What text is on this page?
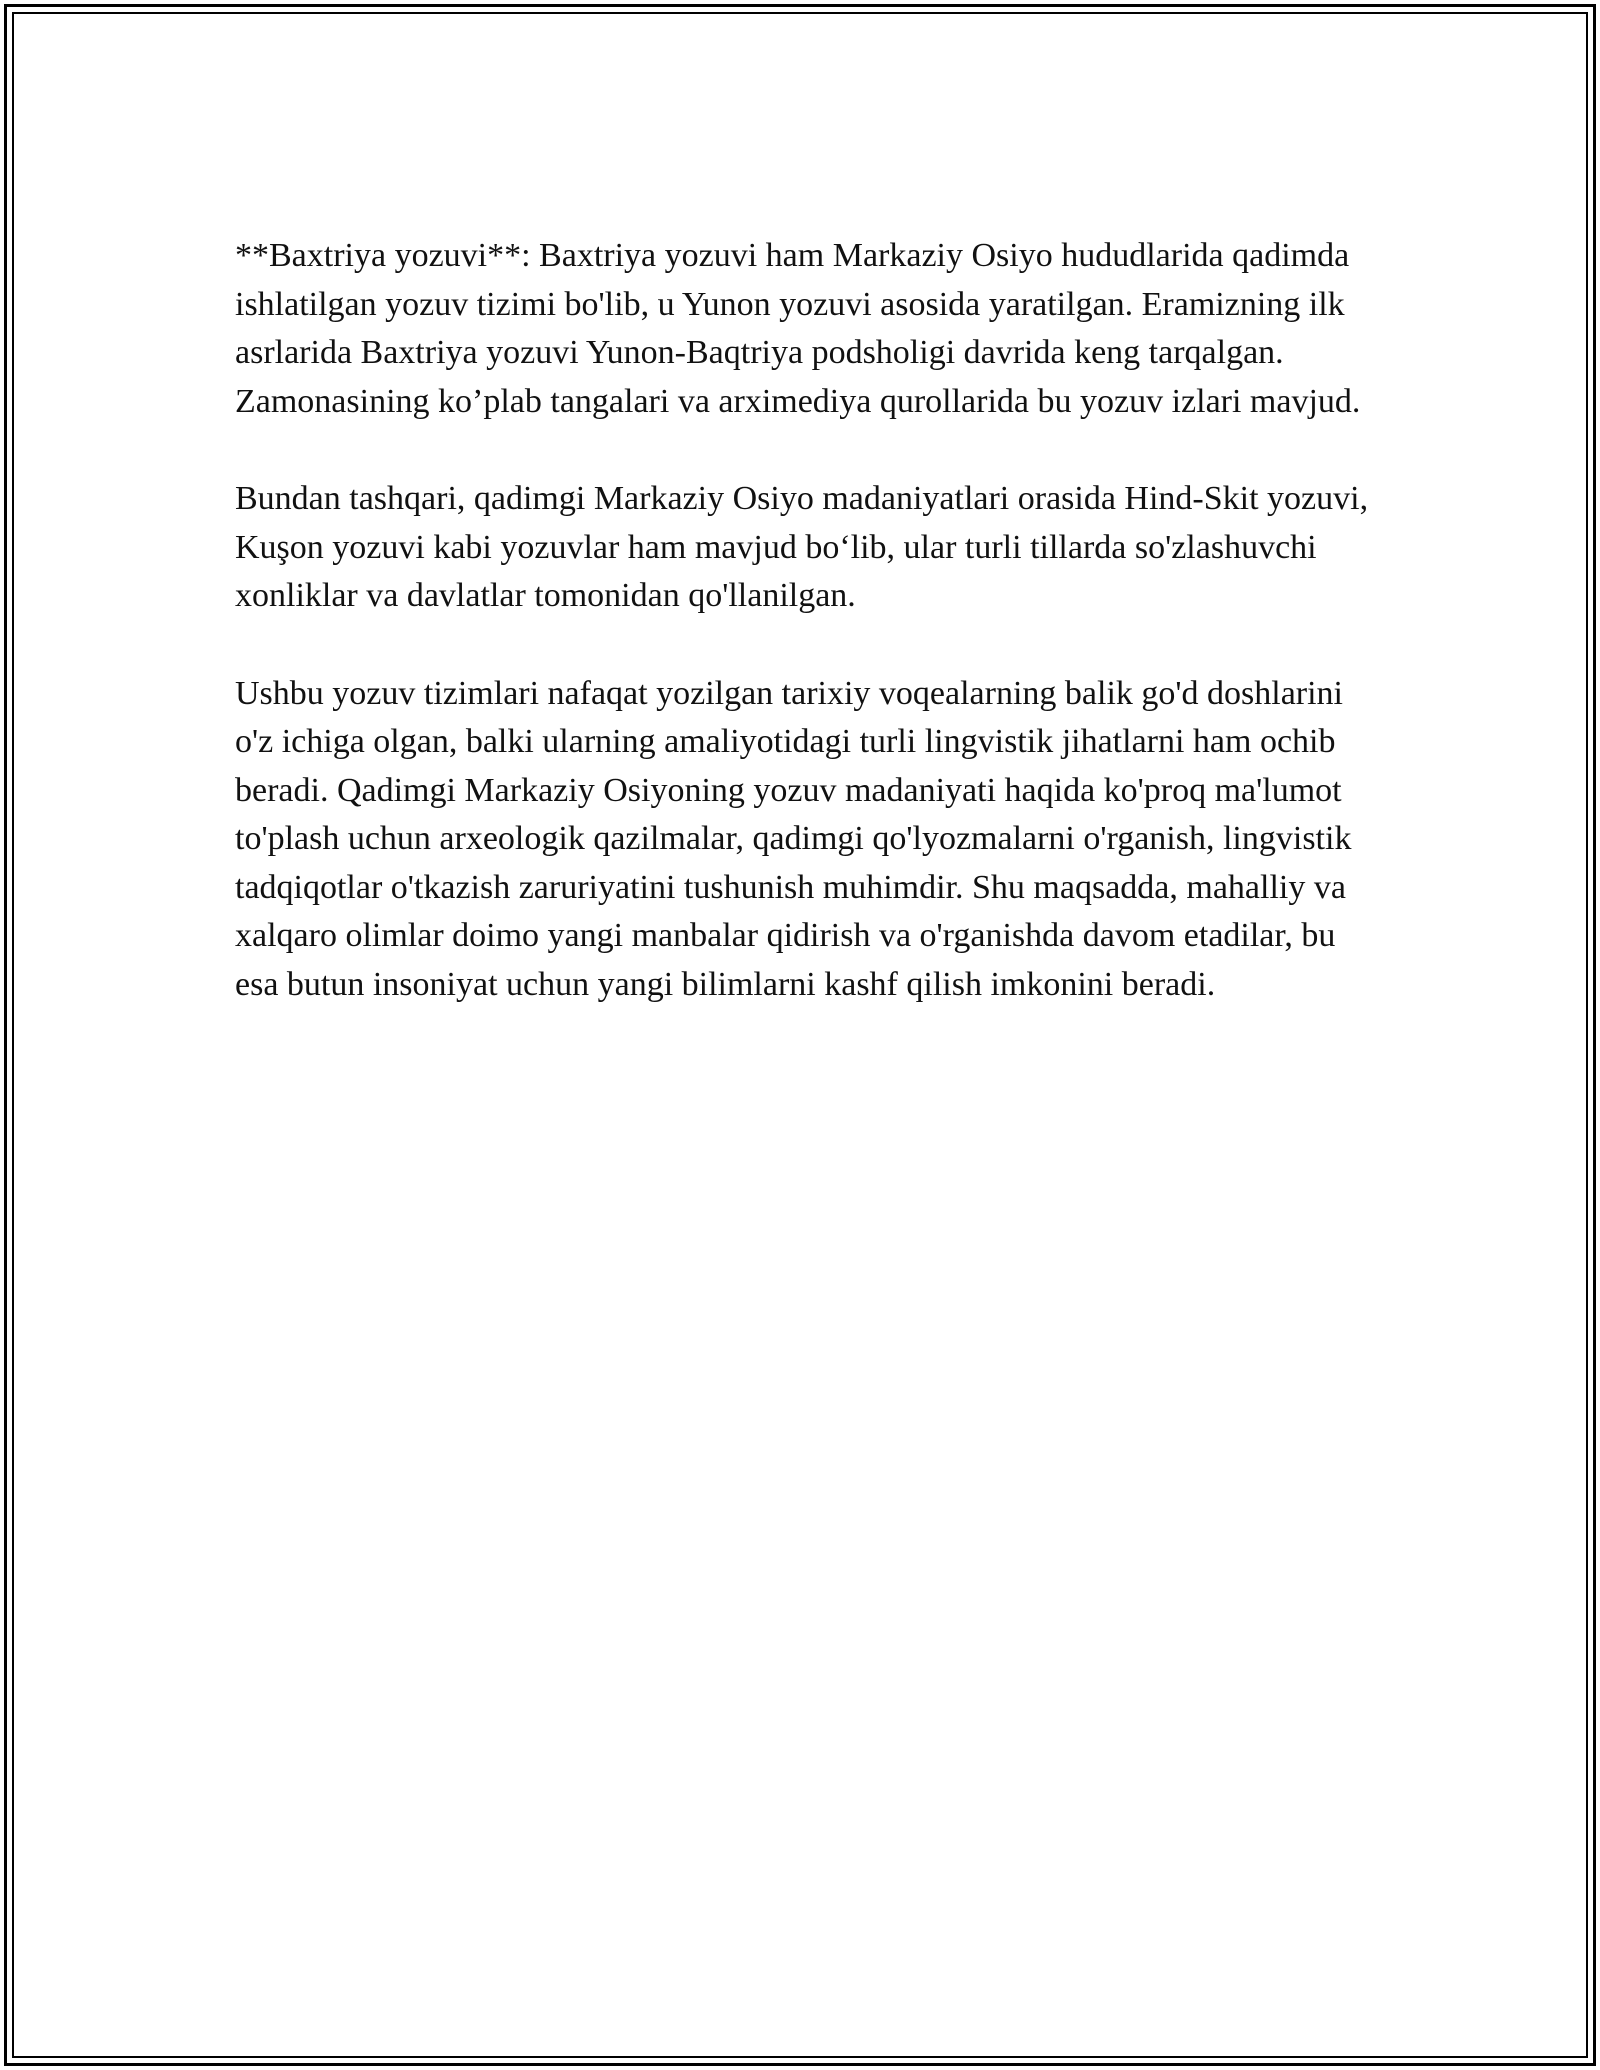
**Baxtriya yozuvi**: Baxtriya yozuvi ham Markaziy Osiyo hududlarida qadimda ishlatilgan yozuv tizimi bo'lib, u Yunon yozuvi asosida yaratilgan. Eramizning ilk asrlarida Baxtriya yozuvi Yunon-Baqtriya podsholigi davrida keng tarqalgan. Zamonasining ko’plab tangalari va arximediya qurollarida bu yozuv izlari mavjud.

Bundan tashqari, qadimgi Markaziy Osiyo madaniyatlari orasida Hind-Skit yozuvi, Kuşon yozuvi kabi yozuvlar ham mavjud bo‘lib, ular turli tillarda so'zlashuvchi xonliklar va davlatlar tomonidan qo'llanilgan.

Ushbu yozuv tizimlari nafaqat yozilgan tarixiy voqealarning balik go'd doshlarini o'z ichiga olgan, balki ularning amaliyotidagi turli lingvistik jihatlarni ham ochib beradi. Qadimgi Markaziy Osiyoning yozuv madaniyati haqida ko'proq ma'lumot to'plash uchun arxeologik qazilmalar, qadimgi qo'lyozmalarni o'rganish, lingvistik tadqiqotlar o'tkazish zaruriyatini tushunish muhimdir. Shu maqsadda, mahalliy va xalqaro olimlar doimo yangi manbalar qidirish va o'rganishda davom etadilar, bu esa butun insoniyat uchun yangi bilimlarni kashf qilish imkonini beradi.
